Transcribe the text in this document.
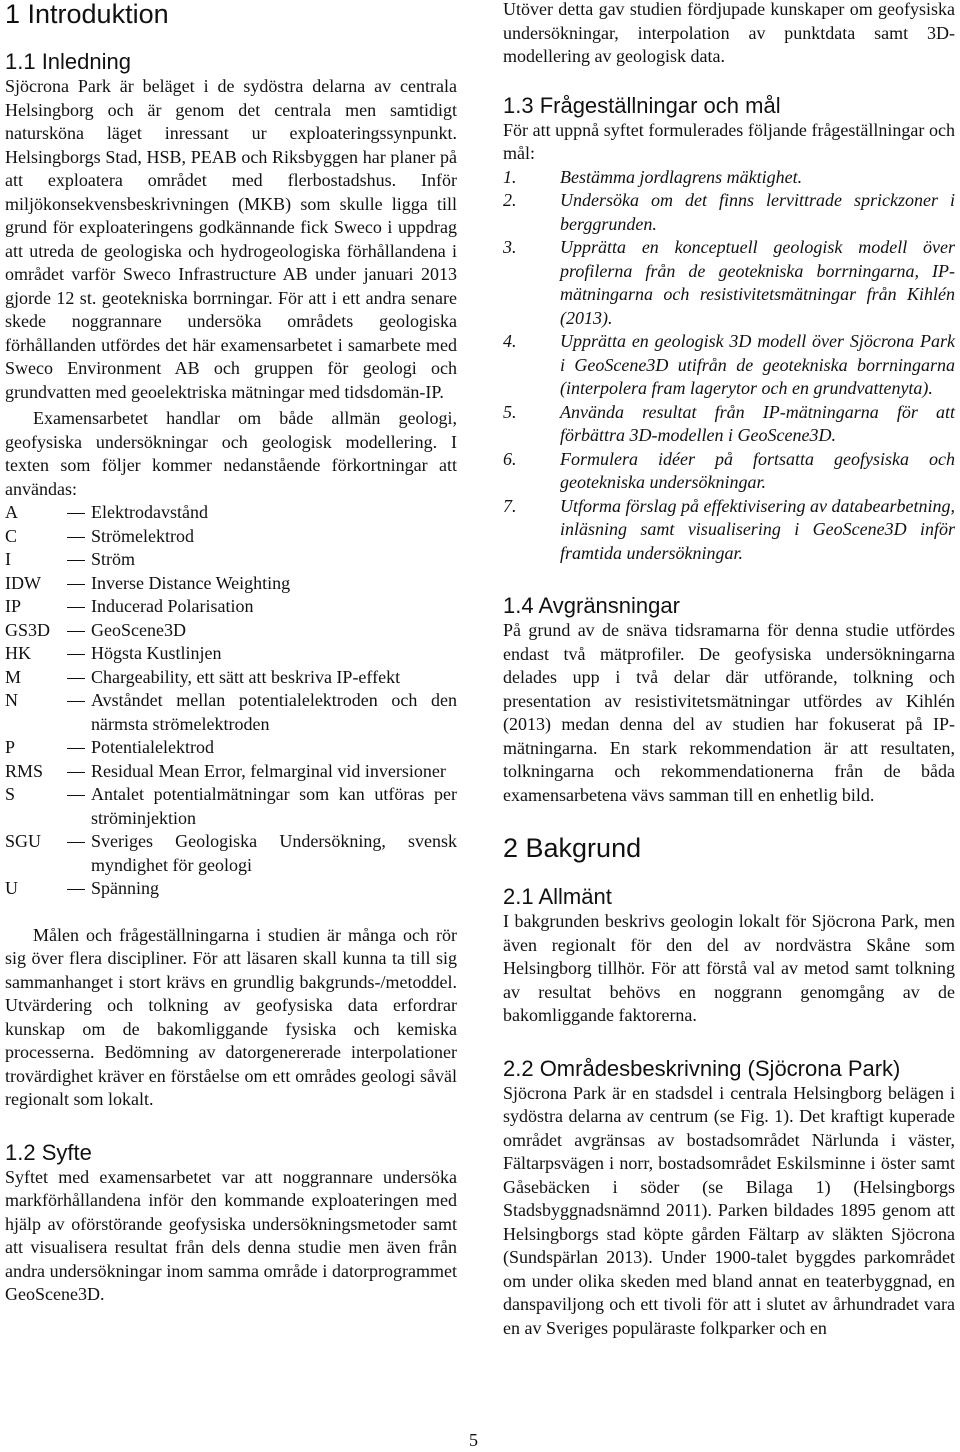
1 Introduktion
1.1 Inledning

Sjöcrona Park är beläget i de sydöstra delarna av centrala Helsingborg och är genom det centrala men samtidigt natursköna läget inressant ur exploateringssynpunkt. Helsingborgs Stad, HSB, PEAB och Riksbyggen har planer på att exploatera området med flerbostadshus. Inför miljökonsekvensbeskrivningen (MKB) som skulle ligga till grund för exploateringens godkännande fick Sweco i uppdrag att utreda de geologiska och hydrogeologiska förhållandena i området varför Sweco Infrastructure AB under januari 2013 gjorde 12 st. geotekniska borrningar. För att i ett andra senare skede noggrannare undersöka områdets geologiska förhållanden utfördes det här examensarbetet i samarbete med Sweco Environment AB och gruppen för geologi och grundvatten med geoelektriska mätningar med tidsdomän-IP.

Examensarbetet handlar om både allmän geologi, geofysiska undersökningar och geologisk modellering. I texten som följer kommer nedanstående förkortningar att användas:

A	Elektrodavstånd
C	Strömelektrod
I	Ström
IDW	Inverse Distance Weighting
IP	Inducerad Polarisation
GS3D	GeoScene3D
HK	Högsta Kustlinjen
M	Chargeability, ett sätt att beskriva IP-effekt
N	Avståndet mellan potentialelektroden och den närmsta strömelektroden
P	Potentialelektrod
RMS	Residual Mean Error, felmarginal vid inversioner
S	Antalet potentialmätningar som kan utföras per ströminjektion
SGU	Sveriges Geologiska Undersökning, svensk myndighet för geologi
U	Spänning

Målen och frågeställningarna i studien är många och rör sig över flera discipliner. För att läsaren skall kunna ta till sig sammanhanget i stort krävs en grundlig bakgrunds-/metoddel. Utvärdering och tolkning av geofysiska data erfordrar kunskap om de bakomliggande fysiska och kemiska processerna. Bedömning av datorgenererade interpolationer trovärdighet kräver en förståelse om ett områdes geologi såväl regionalt som lokalt.

1.2 Syfte

Syftet med examensarbetet var att noggrannare undersöka markförhållandena inför den kommande exploateringen med hjälp av oförstörande geofysiska undersökningsmetoder samt att visualisera resultat från dels denna studie men även från andra undersökningar inom samma område i datorprogrammet GeoScene3D.

Utöver detta gav studien fördjupade kunskaper om geofysiska undersökningar, interpolation av punktdata samt 3D-modellering av geologisk data.

1.3 Frågeställningar och mål

För att uppnå syftet formulerades följande frågeställningar och mål:

1.	Bestämma jordlagrens mäktighet.
2.	Undersöka om det finns lervittrade sprickzoner i berggrunden.
3.	Upprätta en konceptuell geologisk modell över profilerna från de geotekniska borrningarna, IP-mätningarna och resistivitetsmätningar från Kihlén (2013).
4.	Upprätta en geologisk 3D modell över Sjöcrona Park i GeoScene3D utifrån de geotekniska borrningarna (interpolera fram lagerytor och en grundvattenyta).
5.	Använda resultat från IP-mätningarna för att förbättra 3D-modellen i GeoScene3D.
6.	Formulera idéer på fortsatta geofysiska och geotekniska undersökningar.
7.	Utforma förslag på effektivisering av databearbetning, inläsning samt visualisering i GeoScene3D inför framtida undersökningar.
1.4 Avgränsningar

På grund av de snäva tidsramarna för denna studie utfördes endast två mätprofiler. De geofysiska undersökningarna delades upp i två delar där utförande, tolkning och presentation av resistivitetsmätningar utfördes av Kihlén (2013) medan denna del av studien har fokuserat på IP-mätningarna. En stark rekommendation är att resultaten, tolkningarna och rekommendationerna från de båda examensarbetena vävs samman till en enhetlig bild.

2 Bakgrund
2.1 Allmänt

I bakgrunden beskrivs geologin lokalt för Sjöcrona Park, men även regionalt för den del av nordvästra Skåne som Helsingborg tillhör. För att förstå val av metod samt tolkning av resultat behövs en noggrann genomgång av de bakomliggande faktorerna.

2.2 Områdesbeskrivning (Sjöcrona Park)

Sjöcrona Park är en stadsdel i centrala Helsingborg belägen i sydöstra delarna av centrum (se Fig. 1). Det kraftigt kuperade området avgränsas av bostadsområdet Närlunda i väster, Fältarpsvägen i norr, bostadsområdet Eskilsminne i öster samt Gåsebäcken i söder (se Bilaga 1) (Helsingborgs Stadsbyggnadsnämnd 2011). Parken bildades 1895 genom att Helsingborgs stad köpte gården Fältarp av släkten Sjöcrona (Sundspärlan 2013). Under 1900-talet byggdes parkområdet om under olika skeden med bland annat en teaterbyggnad, en danspaviljong och ett tivoli för att i slutet av århundradet vara en av Sveriges populäraste folkparker och en

5
